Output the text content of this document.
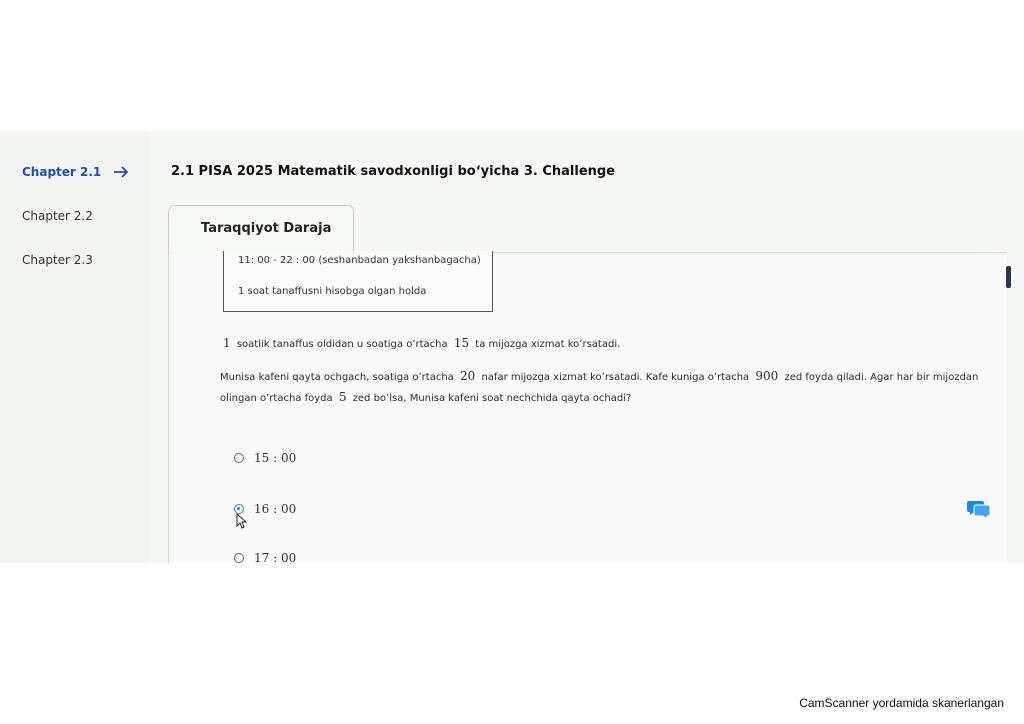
Chapter 2.1
Chapter 2.2
Chapter 2.3
2.1 PISA 2025 Matematik savodxonligi boʻyicha 3. Challenge
Taraqqiyot Daraja
11: 00 - 22 : 00 (seshanbadan yakshanbagacha)
1 soat tanaffusni hisobga olgan holda
1 soatlik tanaffus oldidan u soatiga oʼrtacha 15 ta mijozga xizmat koʼrsatadi.
Munisa kafeni qayta ochgach, soatiga oʼrtacha 20 nafar mijozga xizmat koʼrsatadi. Kafe kuniga oʼrtacha 900 zed foyda qiladi. Agar har bir mijozdan
olingan oʼrtacha foyda 5 zed boʼlsa, Munisa kafeni soat nechchida qayta ochadi?
15 : 00
16 : 00
17 : 00
CamScanner yordamida skanerlangan
